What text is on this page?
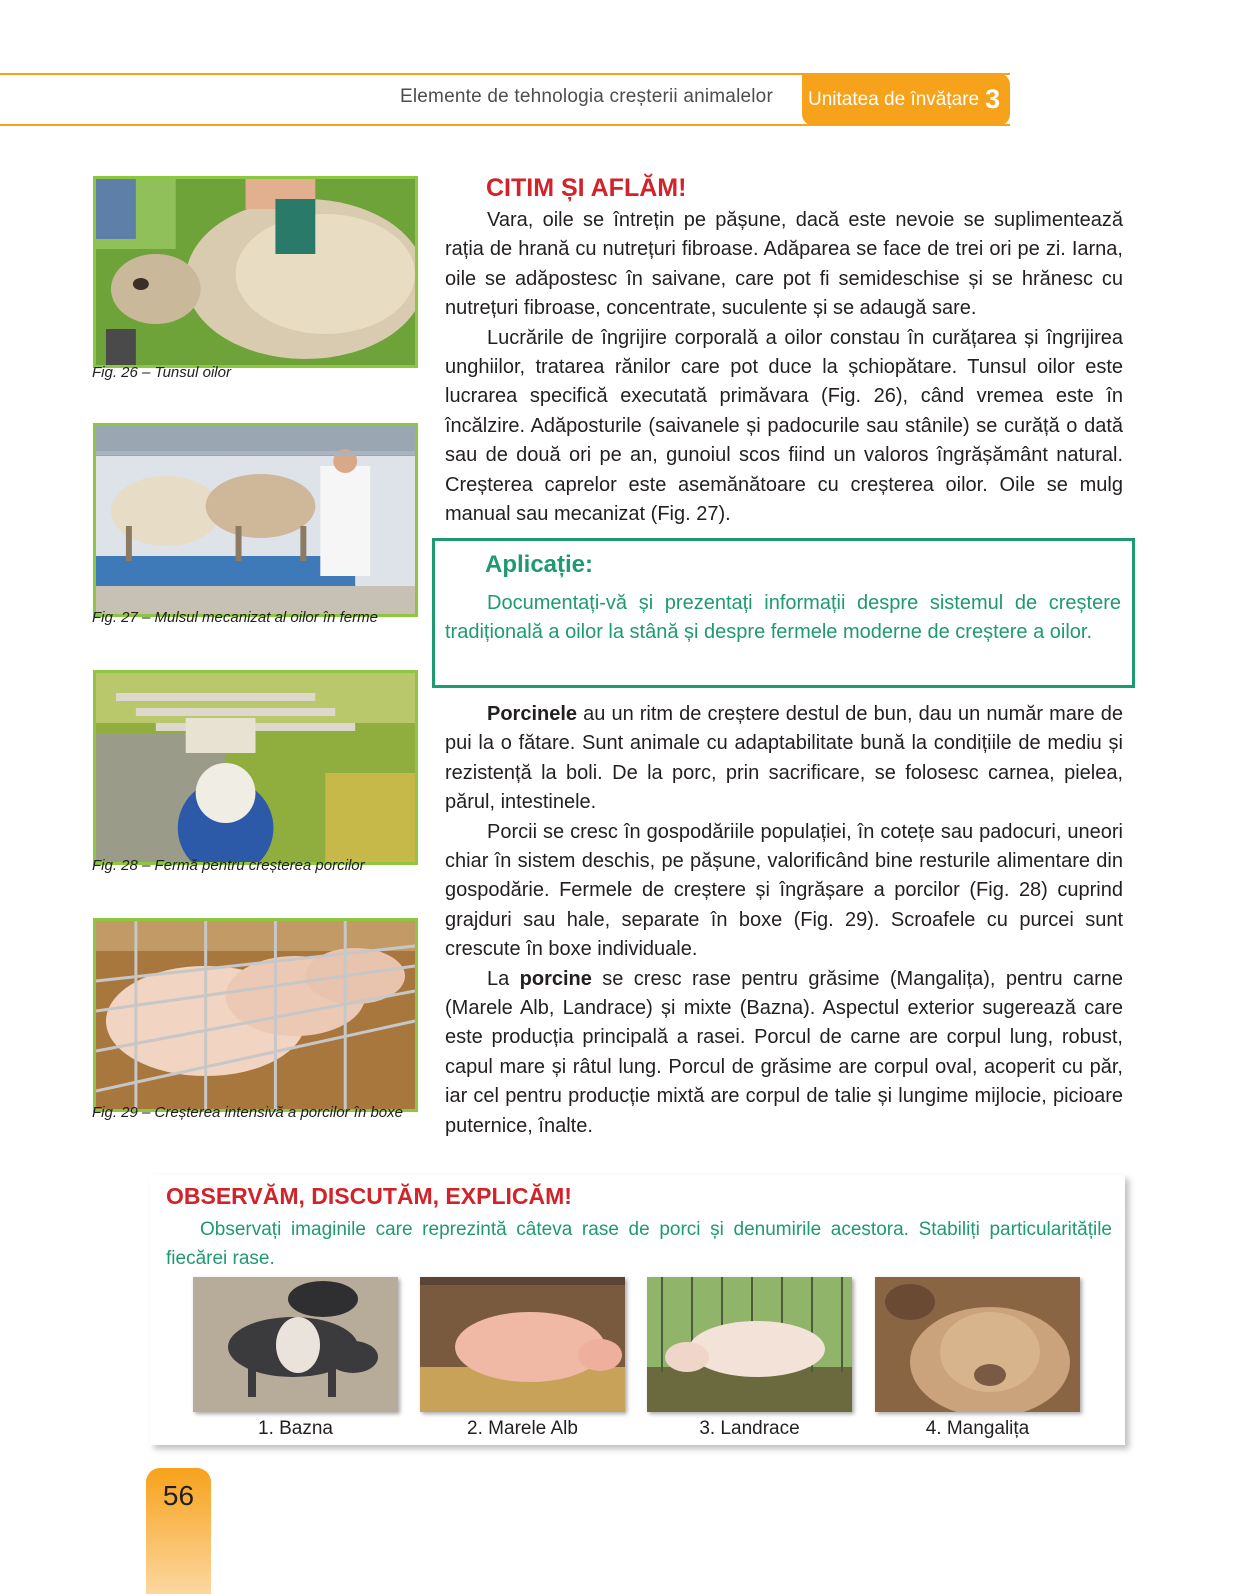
Elemente de tehnologia creșterii animalelor Unitatea de învățare 3
Fig. 26 – Tunsul oilor
Fig. 27 – Mulsul mecanizat al oilor în ferme
Fig. 28 – Fermă pentru creșterea porcilor
Fig. 29 – Creșterea intensivă a porcilor în boxe
CITIM ȘI AFLĂM!

Vara, oile se întrețin pe pășune, dacă este nevoie se suplimentează rația de hrană cu nutrețuri fibroase. Adăparea se face de trei ori pe zi. Iarna, oile se adăpostesc în saivane, care pot fi semideschise și se hrănesc cu nutrețuri fibroase, concentrate, suculente și se adaugă sare.

Lucrările de îngrijire corporală a oilor constau în curățarea și îngrijirea unghiilor, tratarea rănilor care pot duce la șchiopătare. Tunsul oilor este lucrarea specifică executată primăvara (Fig. 26), când vremea este în încălzire. Adăposturile (saivanele și padocurile sau stânile) se curăță o dată sau de două ori pe an, gunoiul scos fiind un valoros îngrășământ natural. Creșterea caprelor este asemănătoare cu creșterea oilor. Oile se mulg manual sau mecanizat (Fig. 27).

Aplicație:
Documentați-vă și prezentați informații despre sistemul de creștere tradițională a oilor la stână și despre fermele moderne de creștere a oilor.

Porcinele au un ritm de creștere destul de bun, dau un număr mare de pui la o fătare. Sunt animale cu adaptabilitate bună la condițiile de mediu și rezistență la boli. De la porc, prin sacrificare, se folosesc carnea, pielea, părul, intestinele.

Porcii se cresc în gospodăriile populației, în cotețe sau padocuri, uneori chiar în sistem deschis, pe pășune, valorificând bine resturile alimentare din gospodărie. Fermele de creștere și îngrășare a porcilor (Fig. 28) cuprind grajduri sau hale, separate în boxe (Fig. 29). Scroafele cu purcei sunt crescute în boxe individuale.

La porcine se cresc rase pentru grăsime (Mangalița), pentru carne (Marele Alb, Landrace) și mixte (Bazna). Aspectul exterior sugerează care este producția principală a rasei. Porcul de carne are corpul lung, robust, capul mare și râtul lung. Porcul de grăsime are corpul oval, acoperit cu păr, iar cel pentru producție mixtă are corpul de talie și lungime mijlocie, picioare puternice, înalte.

OBSERVĂM, DISCUTĂM, EXPLICĂM!
Observați imaginile care reprezintă câteva rase de porci și denumirile acestora. Stabiliți particularitățile fiecărei rase.
1. Bazna	2. Marele Alb	3. Landrace	4. Mangalița
56
